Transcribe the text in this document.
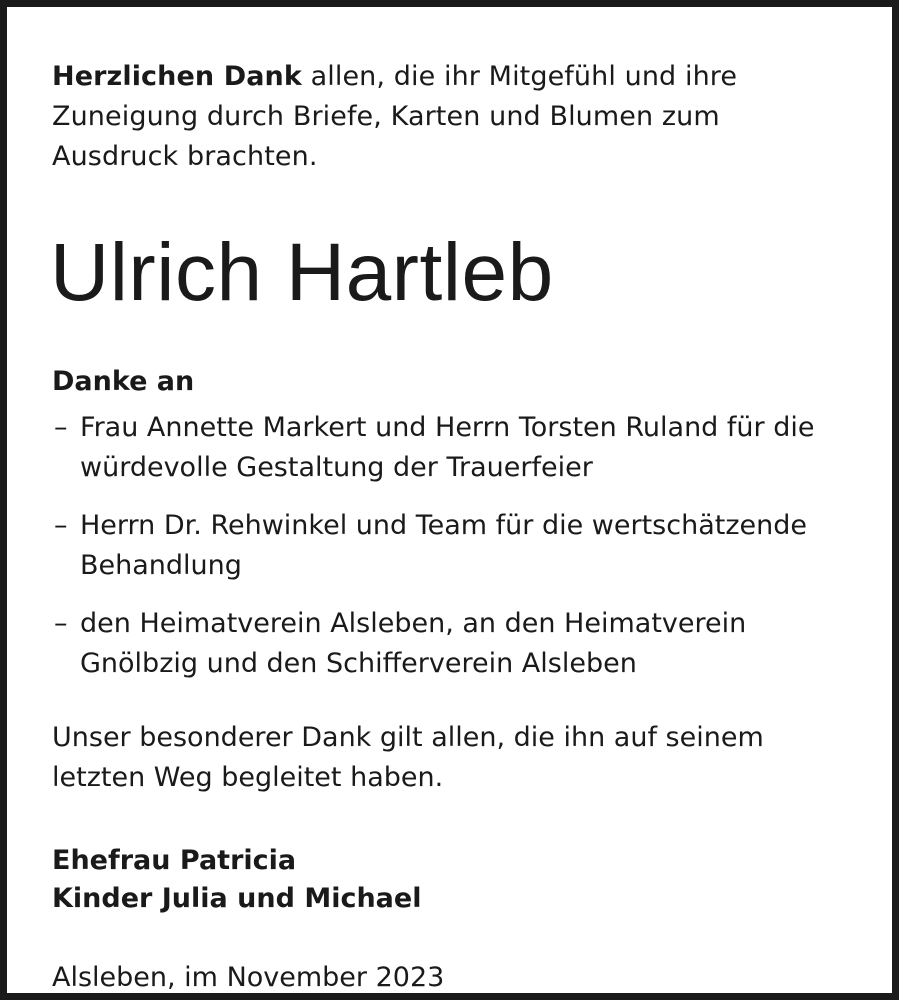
Herzlichen Dank allen, die ihr Mitgefühl und ihre Zuneigung durch Briefe, Karten und Blumen zum Ausdruck brachten.

Ulrich Hartleb
Danke an
– Frau Annette Markert und Herrn Torsten Ruland für die würdevolle Gestaltung der Trauerfeier
– Herrn Dr. Rehwinkel und Team für die wertschätzende Behandlung
– den Heimatverein Alsleben, an den Heimatverein Gnölbzig und den Schifferverein Alsleben

Unser besonderer Dank gilt allen, die ihn auf seinem letzten Weg begleitet haben.

Ehefrau Patricia
Kinder Julia und Michael

Alsleben, im November 2023
